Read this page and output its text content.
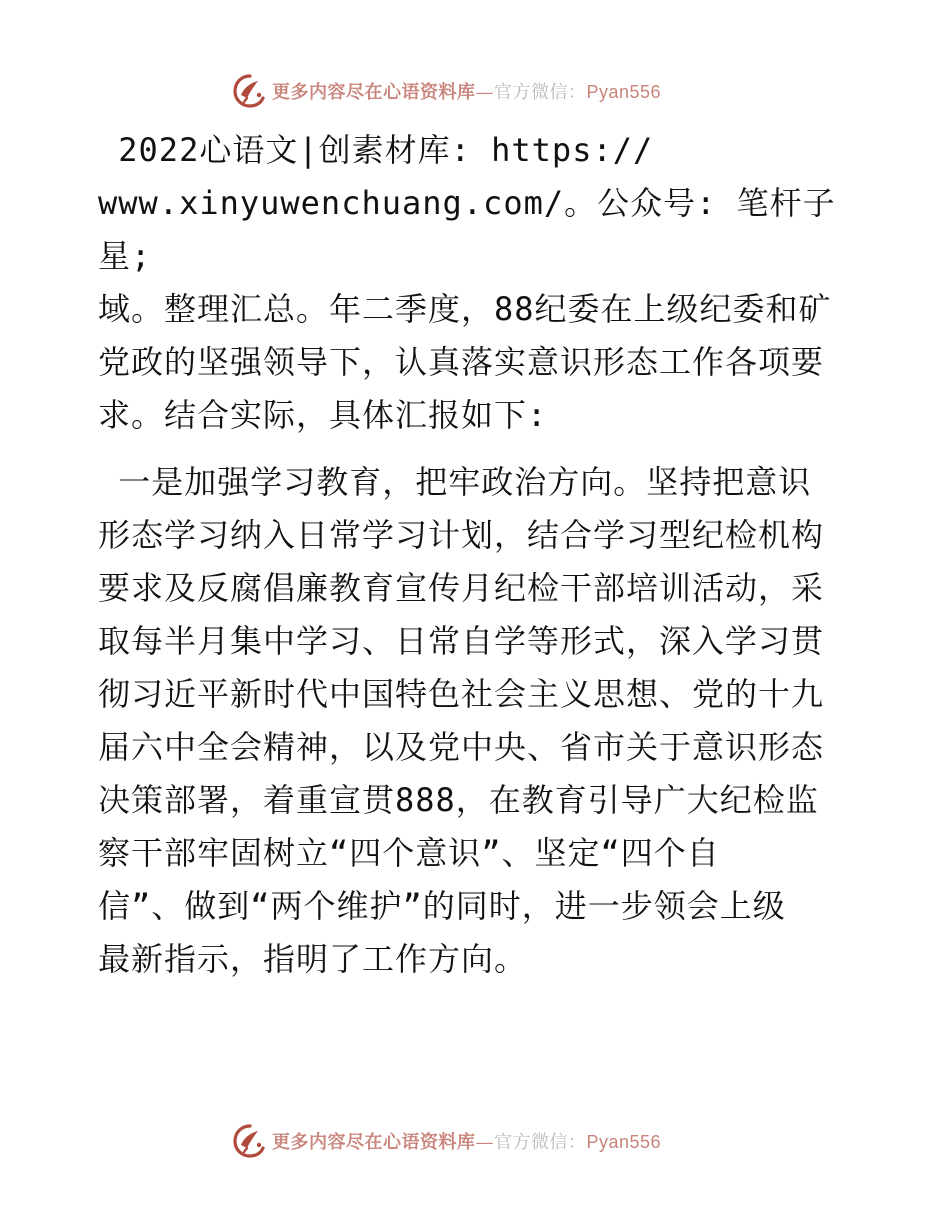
更多内容尽在心语资料库—官方微信：Pyan556

2022心语文|创素材库: https://
www.xinyuwenchuang.com/。公众号: 笔杆子星;
域。整理汇总。年二季度，88纪委在上级纪委和矿
党政的坚强领导下，认真落实意识形态工作各项要
求。结合实际，具体汇报如下:

一是加强学习教育，把牢政治方向。坚持把意识
形态学习纳入日常学习计划，结合学习型纪检机构
要求及反腐倡廉教育宣传月纪检干部培训活动，采
取每半月集中学习、日常自学等形式，深入学习贯
彻习近平新时代中国特色社会主义思想、党的十九
届六中全会精神，以及党中央、省市关于意识形态
决策部署，着重宣贯888，在教育引导广大纪检监
察干部牢固树立“四个意识”、坚定“四个自
信”、做到“两个维护”的同时，进一步领会上级
最新指示，指明了工作方向。

更多内容尽在心语资料库—官方微信：Pyan556
